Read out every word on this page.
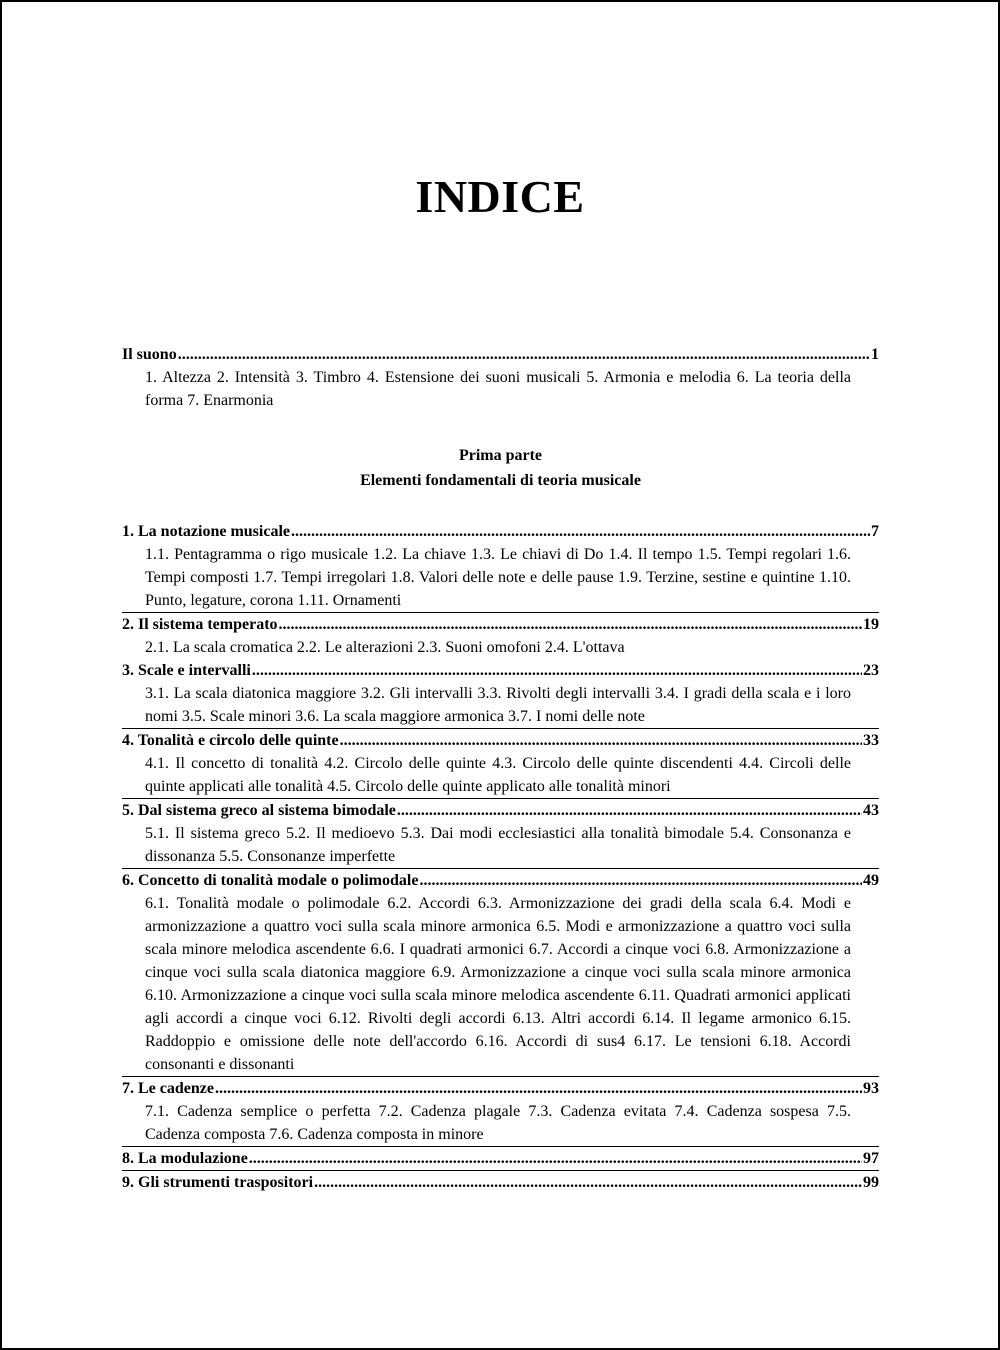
INDICE
Il suono .....	1
1. Altezza 2. Intensità 3. Timbro 4. Estensione dei suoni musicali 5. Armonia e melodia 6. La teoria della forma 7. Enarmonia
Prima parte
Elementi fondamentali di teoria musicale
1. La notazione musicale .....	7
1.1. Pentagramma o rigo musicale 1.2. La chiave 1.3. Le chiavi di Do 1.4. Il tempo 1.5. Tempi regolari 1.6. Tempi composti 1.7. Tempi irregolari 1.8. Valori delle note e delle pause 1.9. Terzine, sestine e quintine 1.10. Punto, legature, corona 1.11. Ornamenti
2. Il sistema temperato .....	19
2.1. La scala cromatica 2.2. Le alterazioni 2.3. Suoni omofoni 2.4. L'ottava
3. Scale e intervalli .....	23
3.1. La scala diatonica maggiore 3.2. Gli intervalli 3.3. Rivolti degli intervalli 3.4. I gradi della scala e i loro nomi 3.5. Scale minori 3.6. La scala maggiore armonica 3.7. I nomi delle note
4. Tonalità e circolo delle quinte .....	33
4.1. Il concetto di tonalità 4.2. Circolo delle quinte 4.3. Circolo delle quinte discendenti 4.4. Circoli delle quinte applicati alle tonalità 4.5. Circolo delle quinte applicato alle tonalità minori
5. Dal sistema greco al sistema bimodale .....	43
5.1. Il sistema greco 5.2. Il medioevo 5.3. Dai modi ecclesiastici alla tonalità bimodale 5.4. Consonanza e dissonanza 5.5. Consonanze imperfette
6. Concetto di tonalità modale o polimodale .....	49
6.1. Tonalità modale o polimodale 6.2. Accordi 6.3. Armonizzazione dei gradi della scala 6.4. Modi e armonizzazione a quattro voci sulla scala minore armonica 6.5. Modi e armonizzazione a quattro voci sulla scala minore melodica ascendente 6.6. I quadrati armonici 6.7. Accordi a cinque voci 6.8. Armonizzazione a cinque voci sulla scala diatonica maggiore 6.9. Armonizzazione a cinque voci sulla scala minore armonica 6.10. Armonizzazione a cinque voci sulla scala minore melodica ascendente 6.11. Quadrati armonici applicati agli accordi a cinque voci 6.12. Rivolti degli accordi 6.13. Altri accordi 6.14. Il legame armonico 6.15. Raddoppio e omissione delle note dell'accordo 6.16. Accordi di sus4 6.17. Le tensioni 6.18. Accordi consonanti e dissonanti
7. Le cadenze .....	93
7.1. Cadenza semplice o perfetta 7.2. Cadenza plagale 7.3. Cadenza evitata 7.4. Cadenza sospesa 7.5. Cadenza composta 7.6. Cadenza composta in minore
8. La modulazione .....	97
9. Gli strumenti traspositori .....	99
